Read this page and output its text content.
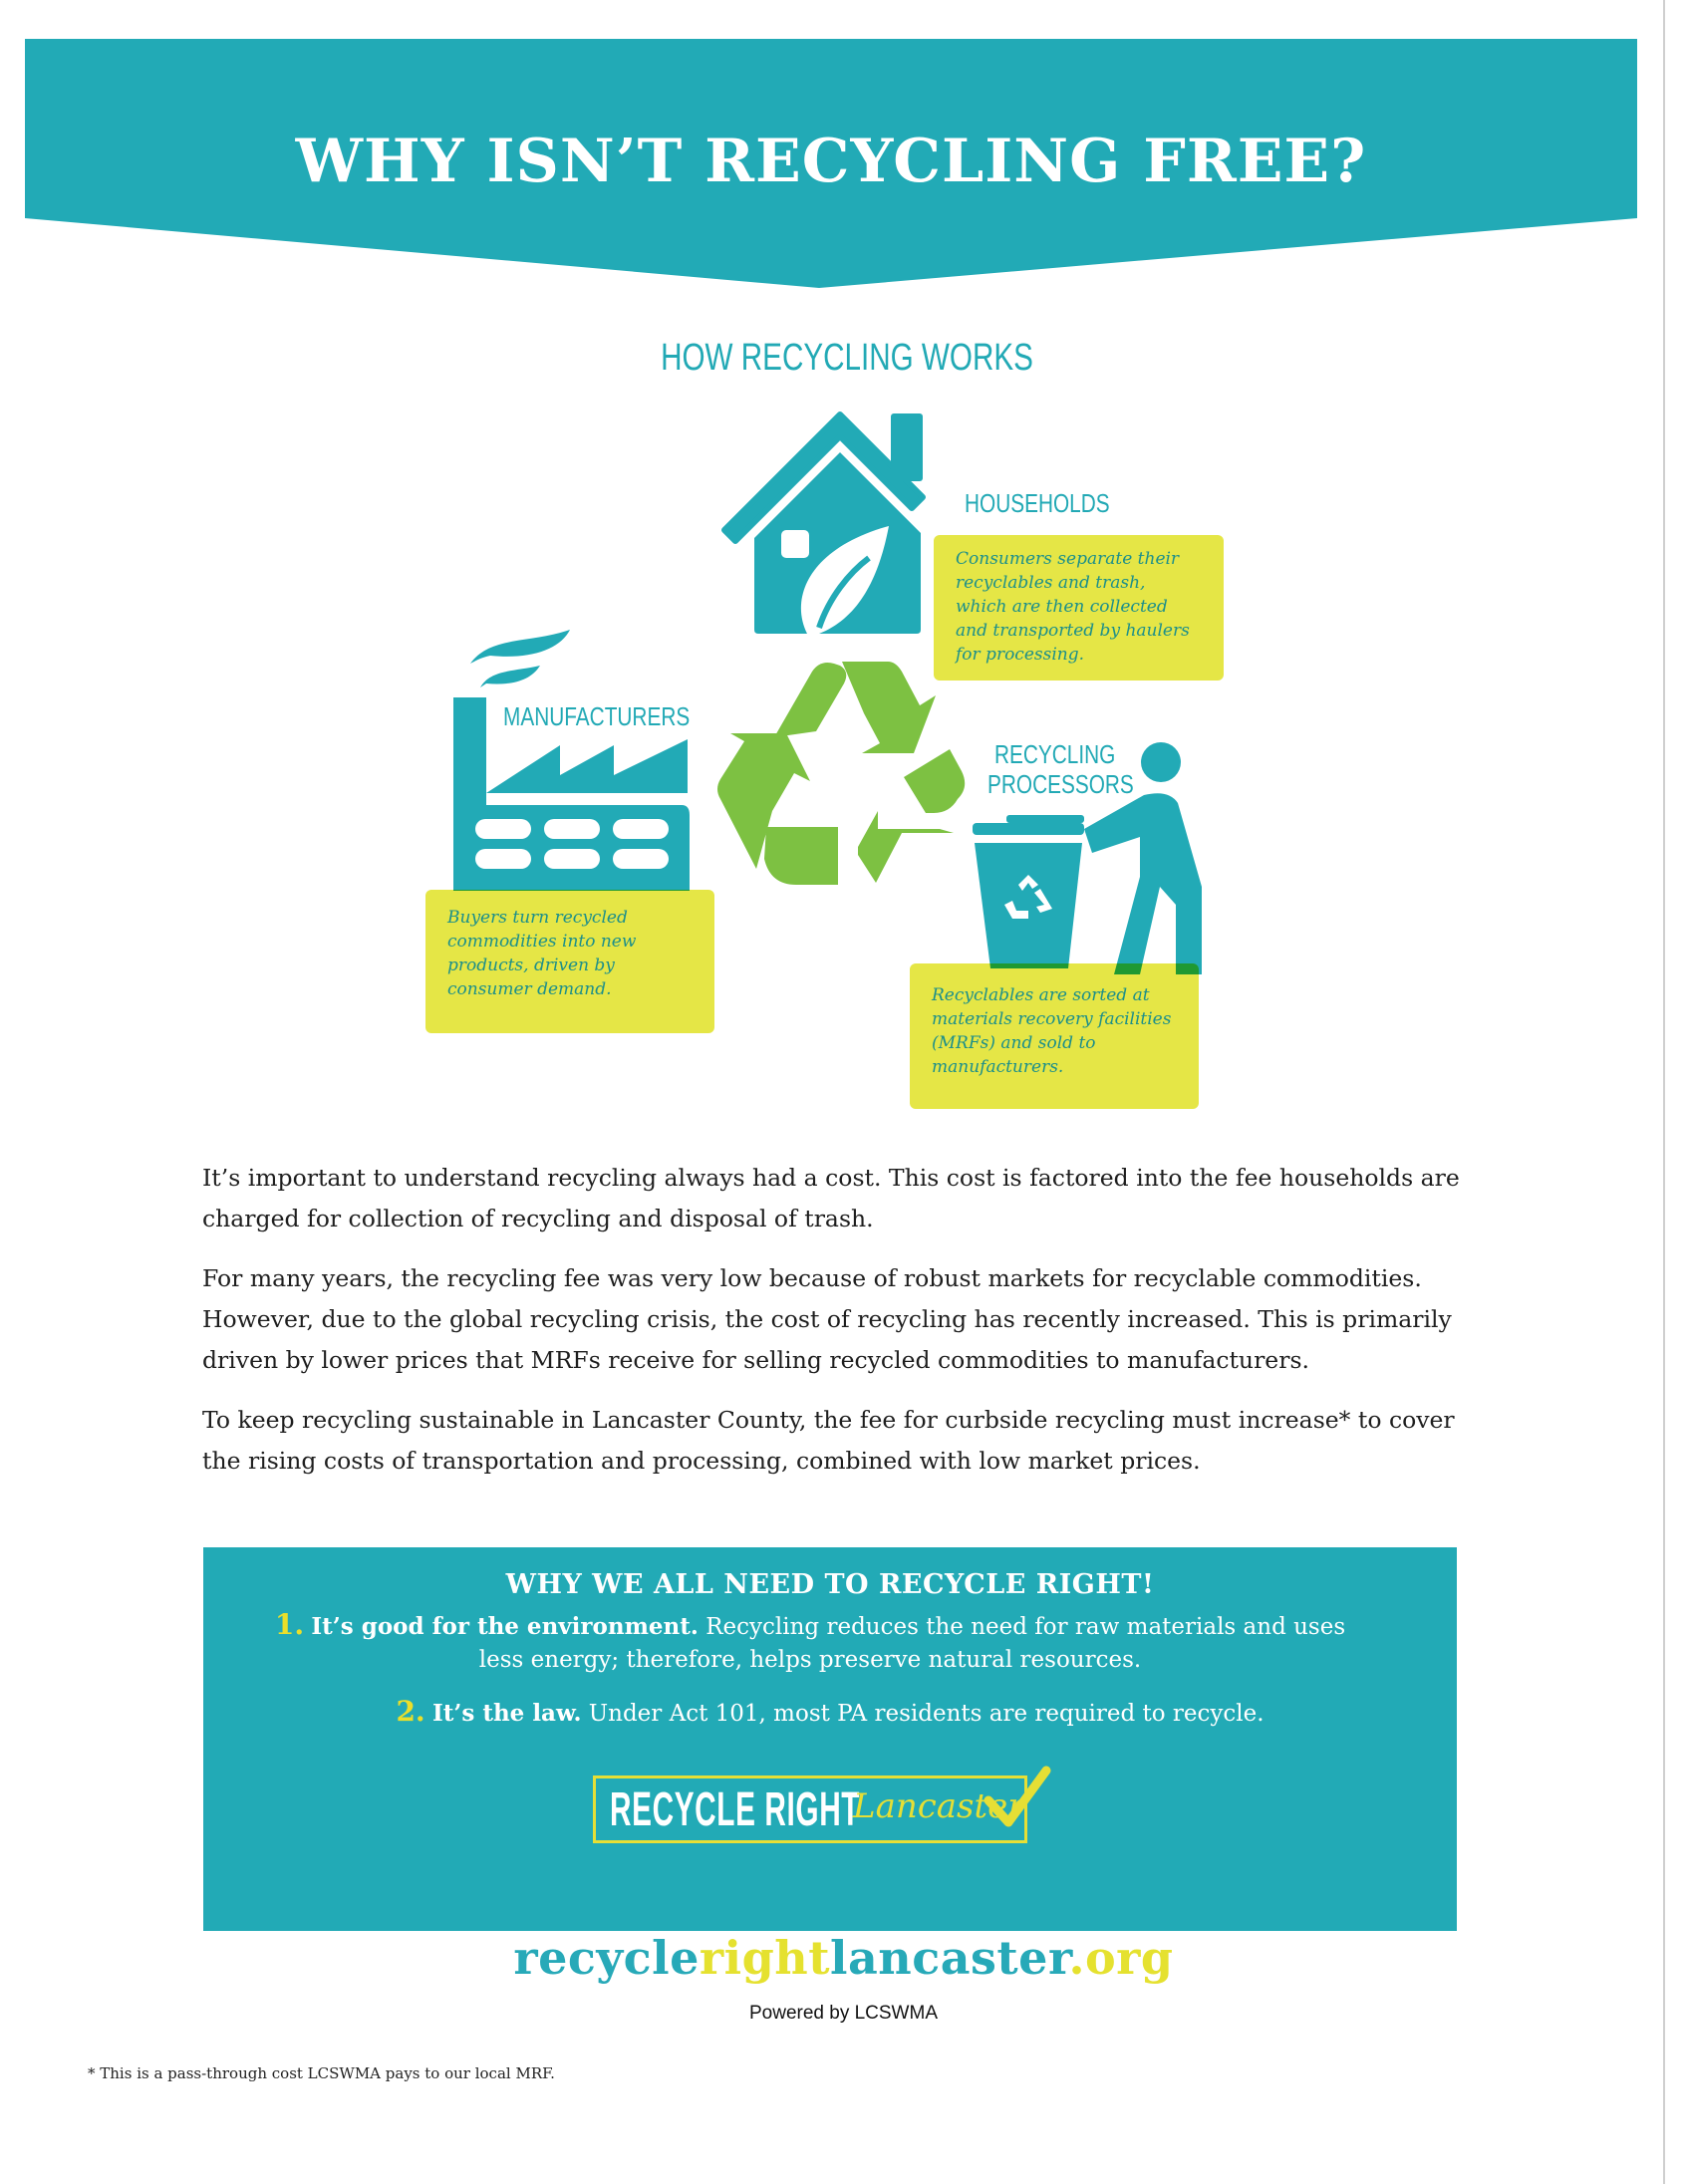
WHY ISN’T RECYCLING FREE?
HOW RECYCLING WORKS
HOUSEHOLDS
Consumers separate their recyclables and trash, which are then collected and transported by haulers for processing.
MANUFACTURERS
Buyers turn recycled commodities into new products, driven by consumer demand.
RECYCLING
PROCESSORS
Recyclables are sorted at materials recovery facilities (MRFs) and sold to manufacturers.

It’s important to understand recycling always had a cost. This cost is factored into the fee households are charged for collection of recycling and disposal of trash.

For many years, the recycling fee was very low because of robust markets for recyclable commodities. However, due to the global recycling crisis, the cost of recycling has recently increased. This is primarily driven by lower prices that MRFs receive for selling recycled commodities to manufacturers.

To keep recycling sustainable in Lancaster County, the fee for curbside recycling must increase* to cover the rising costs of transportation and processing, combined with low market prices.

WHY WE ALL NEED TO RECYCLE RIGHT!
1. It’s good for the environment. Recycling reduces the need for raw materials and uses less energy; therefore, helps preserve natural resources.
2. It’s the law. Under Act 101, most PA residents are required to recycle.
RECYCLE RIGHT
Lancaster
recyclerightlancaster.org
Powered by LCSWMA
* This is a pass-through cost LCSWMA pays to our local MRF.
